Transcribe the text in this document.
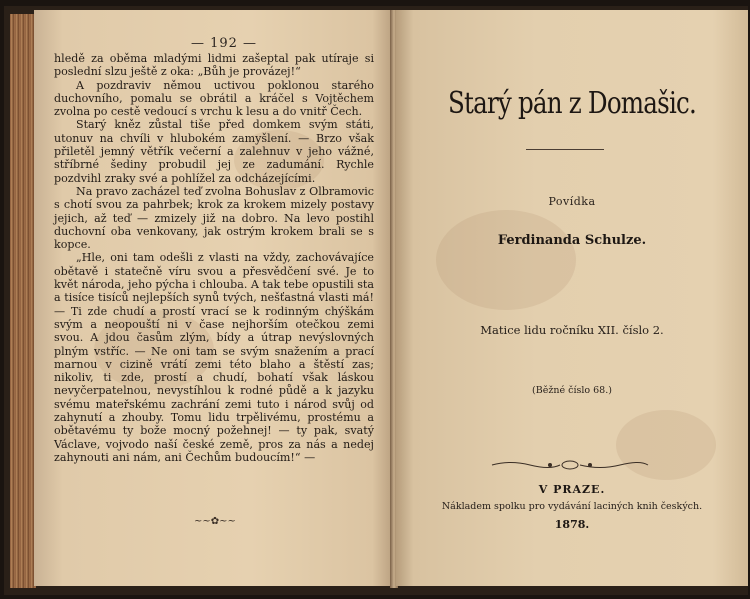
Starý pán z Domašic.
Povídka
Ferdinanda Schulze.
Matice lidu ročníku XII. číslo 2.
(Běžné číslo 68.)
V PRAZE.
Nákladem spolku pro vydávání laciných knih českých.
1878.
— 192 —

hledě za oběma mladými lidmi zašeptal pak utíraje si poslední slzu ještě z oka: „Bůh je provázej!“

A pozdraviv němou uctivou poklonou starého duchovního, pomalu se obrátil a kráčel s Vojtěchem zvolna po cestě vedoucí s vrchu k lesu a do vnitř Čech.

Starý kněz zůstal tiše před domkem svým státi, utonuv na chvíli v hlubokém zamyšlení. — Brzo však přiletěl jemný větřík večerní a zalehnuv v jeho vážné, stříbrné šediny probudil jej ze zadumání. Rychle pozdvihl zraky své a pohlížel za odcházejícími.

Na pravo zacházel teď zvolna Bohuslav z Olbramovic s chotí svou za pahrbek; krok za krokem mizely postavy jejich, až teď — zmizely již na dobro. Na levo postihl duchovní oba venkovany, jak ostrým krokem brali se s kopce.

„Hle, oni tam odešli z vlasti na vždy, zachovávajíce obětavě i statečně víru svou a přesvědčení své. Je to květ národa, jeho pýcha i chlouba. A tak tebe opustili sta a tisíce tisíců nejlepších synů tvých, nešťastná vlasti má! — Ti zde chudí a prostí vrací se k rodinným chýškám svým a neopouští ni v čase nejhorším otečkou zemi svou. A jdou časům zlým, bídy a útrap nevýslovných plným vstříc. — Ne oni tam se svým snažením a prací marnou v cizině vrátí zemi této blaho a štěstí zas; nikoliv, ti zde, prostí a chudí, bohatí však láskou nevyčerpatelnou, nevystíhlou k rodné půdě a k jazyku svému mateřskému zachrání zemi tuto i národ svůj od zahynutí a zhouby. Tomu lidu trpělivému, prostému a obětavému ty bože mocný požehnej! — ty pak, svatý Václave, vojvodo naší české země, pros za nás a nedej zahynouti ani nám, ani Čechům budoucím!“ —

~~✿~~
